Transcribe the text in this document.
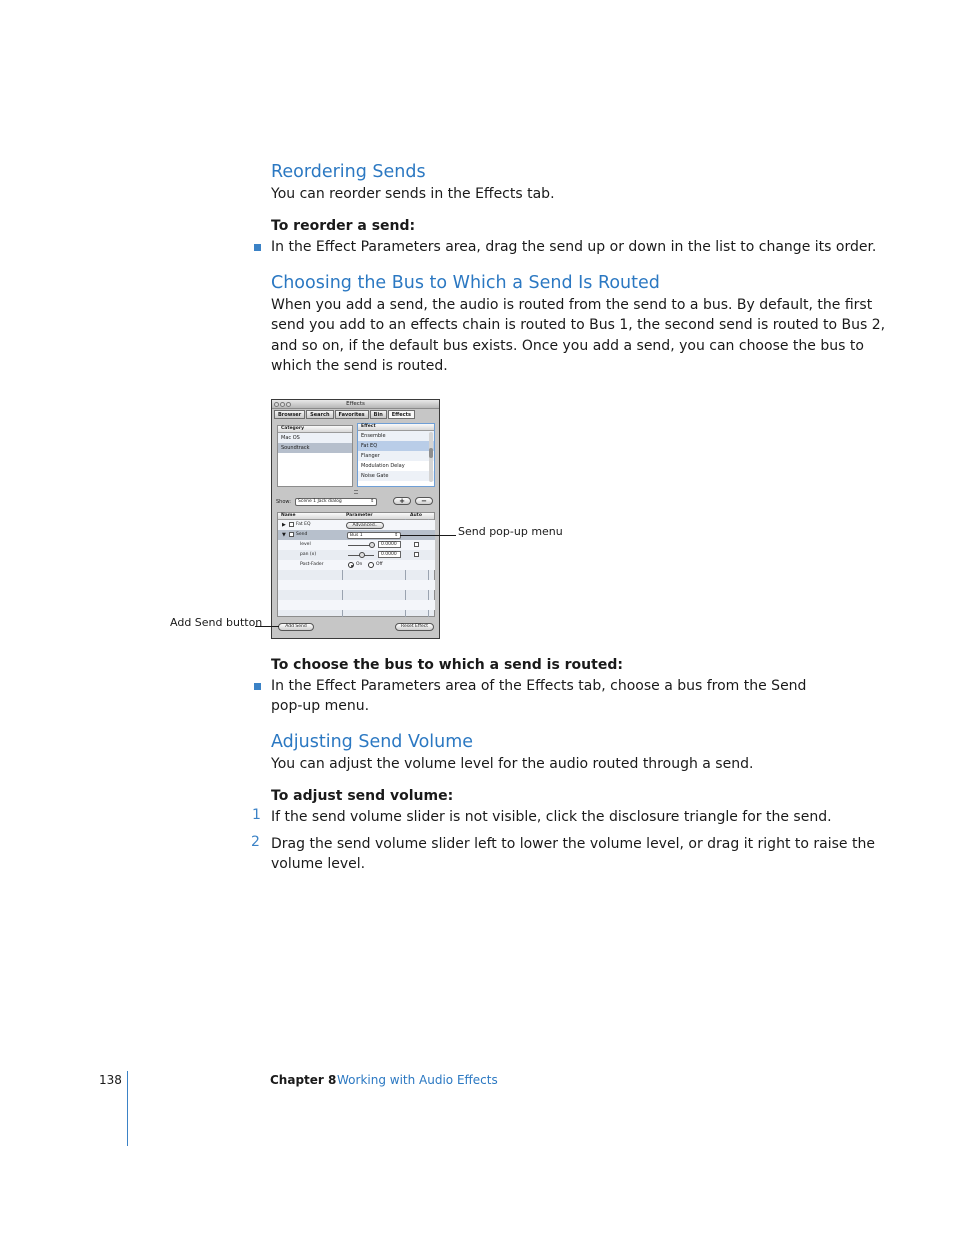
Reordering Sends

You can reorder sends in the Effects tab.

To reorder a send:

In the Effect Parameters area, drag the send up or down in the list to change its order.

Choosing the Bus to Which a Send Is Routed

When you add a send, the audio is routed from the send to a bus. By default, the first

send you add to an effects chain is routed to Bus 1, the second send is routed to Bus 2,

and so on, if the default bus exists. Once you add a send, you can choose the bus to

which the send is routed.

Effects
Browser	Search	Favorites	Bin	Effects
Category
Mac OS
Soundtrack
Effect
Ensemble
Fat EQ
Flanger
Modulation Delay
Noise Gate
Show:	Scene 1 Jack dialog	⇕	+	−
Name	Parameter	Auto
▶ Fat EQ	Advanced..
▼ Send	Bus 1	⇕
level	0.0000
pan (x)	0.0000
Post-Fader	On	Off
Add Send	Reset Effect
Send pop-up menu
Add Send button

To choose the bus to which a send is routed:

In the Effect Parameters area of the Effects tab, choose a bus from the Send

pop-up menu.

Adjusting Send Volume

You can adjust the volume level for the audio routed through a send.

To adjust send volume:

1 If the send volume slider is not visible, click the disclosure triangle for the send.

2 Drag the send volume slider left to lower the volume level, or drag it right to raise the

volume level.

138	Chapter 8 Working with Audio Effects
